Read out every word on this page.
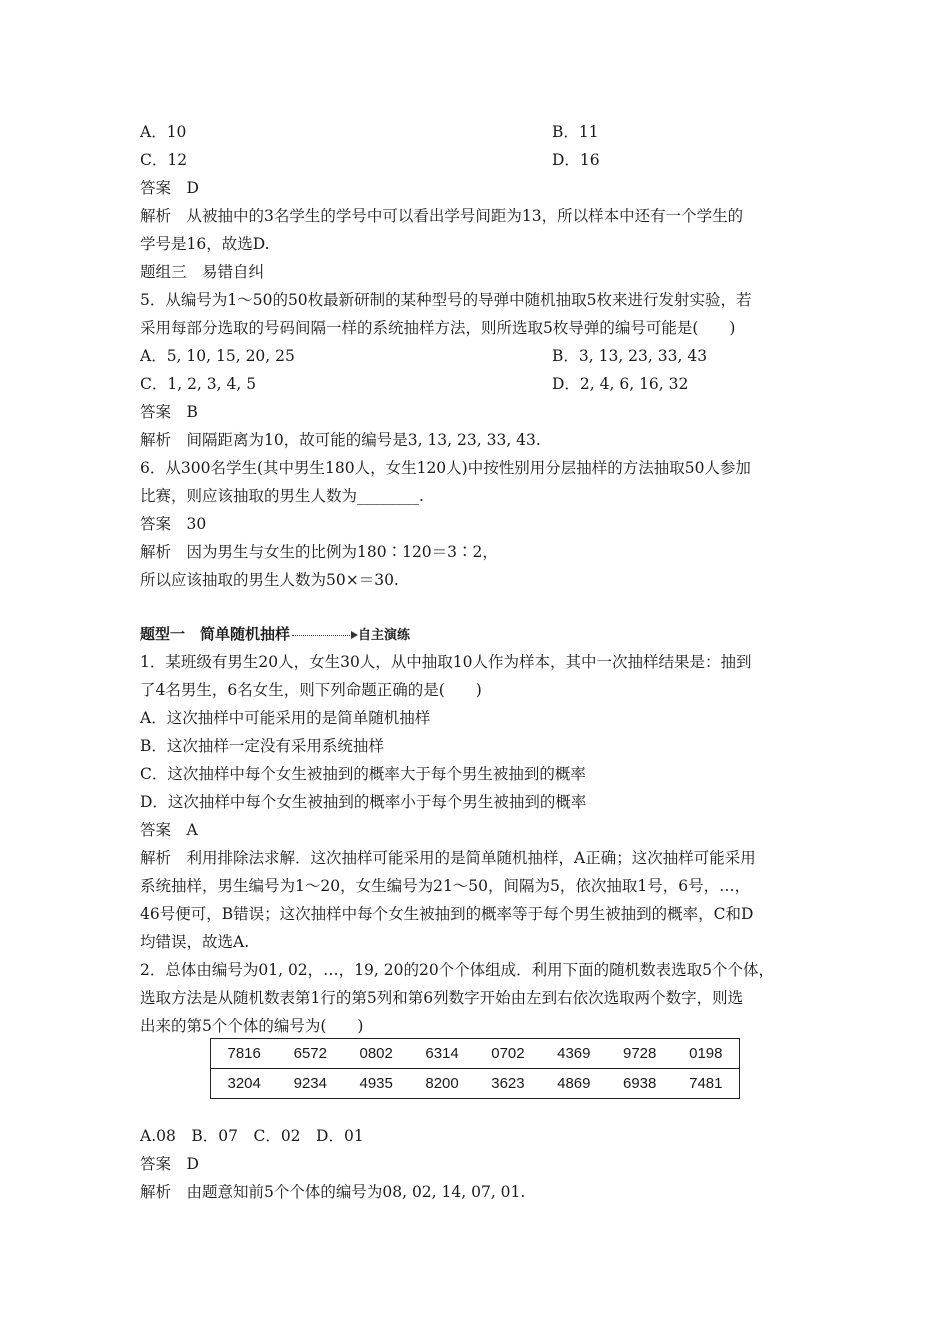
A．10	B．11
C．12	D．16
答案　D
解析　从被抽中的3名学生的学号中可以看出学号间距为13，所以样本中还有一个学生的
学号是16，故选D.
题组三　易错自纠
5．从编号为1～50的50枚最新研制的某种型号的导弹中随机抽取5枚来进行发射实验，若
采用每部分选取的号码间隔一样的系统抽样方法，则所选取5枚导弹的编号可能是(　　)
A．5, 10, 15, 20, 25	B．3, 13, 23, 33, 43
C．1, 2, 3, 4, 5	D．2, 4, 6, 16, 32
答案　B
解析　间隔距离为10，故可能的编号是3, 13, 23, 33, 43.
6．从300名学生(其中男生180人，女生120人)中按性别用分层抽样的方法抽取50人参加
比赛，则应该抽取的男生人数为________.
答案　30
解析　因为男生与女生的比例为180∶120＝3∶2，
所以应该抽取的男生人数为50×＝30.
题型一　简单随机抽样	自主演练
1．某班级有男生20人，女生30人，从中抽取10人作为样本，其中一次抽样结果是：抽到
了4名男生，6名女生，则下列命题正确的是(　　)
A．这次抽样中可能采用的是简单随机抽样
B．这次抽样一定没有采用系统抽样
C．这次抽样中每个女生被抽到的概率大于每个男生被抽到的概率
D．这次抽样中每个女生被抽到的概率小于每个男生被抽到的概率
答案　A
解析　利用排除法求解．这次抽样可能采用的是简单随机抽样，A正确；这次抽样可能采用
系统抽样，男生编号为1～20，女生编号为21～50，间隔为5，依次抽取1号，6号，…，
46号便可，B错误；这次抽样中每个女生被抽到的概率等于每个男生被抽到的概率，C和D
均错误，故选A.
2．总体由编号为01, 02，…，19, 20的20个个体组成．利用下面的随机数表选取5个个体，
选取方法是从随机数表第1行的第5列和第6列数字开始由左到右依次选取两个数字，则选
出来的第5个个体的编号为(　　)
7816	6572	0802	6314	0702	4369	9728	0198
3204	9234	4935	8200	3623	4869	6938	7481
A.08　B．07　C．02　D．01
答案　D
解析　由题意知前5个个体的编号为08, 02, 14, 07, 01.
